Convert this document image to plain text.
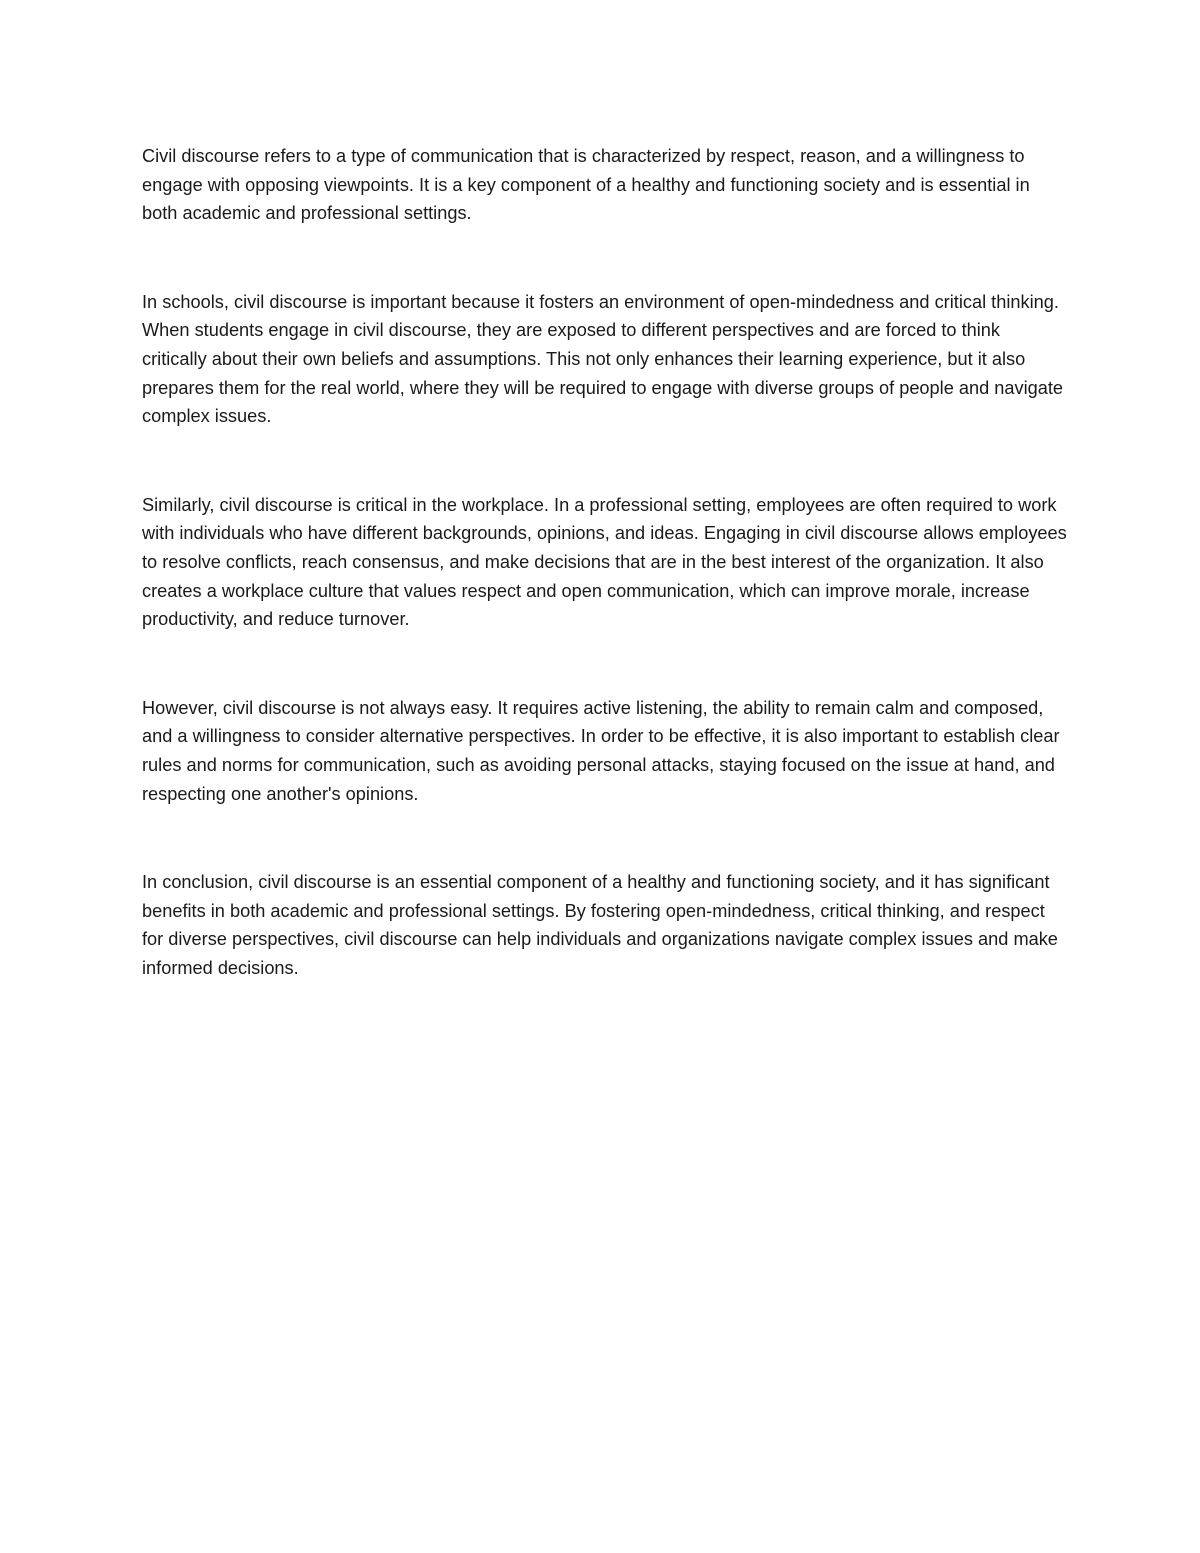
Civil discourse refers to a type of communication that is characterized by respect, reason, and a willingness to engage with opposing viewpoints. It is a key component of a healthy and functioning society and is essential in both academic and professional settings.

In schools, civil discourse is important because it fosters an environment of open-mindedness and critical thinking. When students engage in civil discourse, they are exposed to different perspectives and are forced to think critically about their own beliefs and assumptions. This not only enhances their learning experience, but it also prepares them for the real world, where they will be required to engage with diverse groups of people and navigate complex issues.

Similarly, civil discourse is critical in the workplace. In a professional setting, employees are often required to work with individuals who have different backgrounds, opinions, and ideas. Engaging in civil discourse allows employees to resolve conflicts, reach consensus, and make decisions that are in the best interest of the organization. It also creates a workplace culture that values respect and open communication, which can improve morale, increase productivity, and reduce turnover.

However, civil discourse is not always easy. It requires active listening, the ability to remain calm and composed, and a willingness to consider alternative perspectives. In order to be effective, it is also important to establish clear rules and norms for communication, such as avoiding personal attacks, staying focused on the issue at hand, and respecting one another's opinions.

In conclusion, civil discourse is an essential component of a healthy and functioning society, and it has significant benefits in both academic and professional settings. By fostering open-mindedness, critical thinking, and respect for diverse perspectives, civil discourse can help individuals and organizations navigate complex issues and make informed decisions.
